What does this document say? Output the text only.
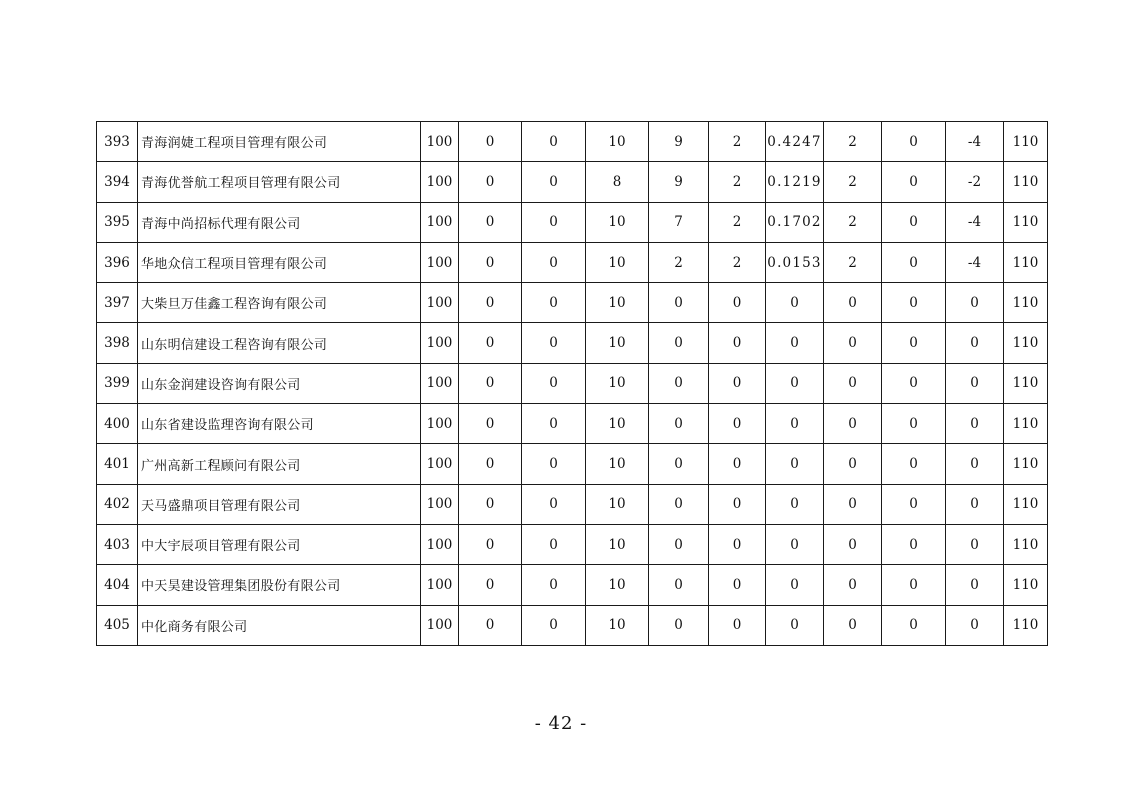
393	青海润婕工程项目管理有限公司	100	0	0	10	9	2	0.4247	2	0	-4	110
394	青海优誉航工程项目管理有限公司	100	0	0	8	9	2	0.1219	2	0	-2	110
395	青海中尚招标代理有限公司	100	0	0	10	7	2	0.1702	2	0	-4	110
396	华地众信工程项目管理有限公司	100	0	0	10	2	2	0.0153	2	0	-4	110
397	大柴旦万佳鑫工程咨询有限公司	100	0	0	10	0	0	0	0	0	0	110
398	山东明信建设工程咨询有限公司	100	0	0	10	0	0	0	0	0	0	110
399	山东金润建设咨询有限公司	100	0	0	10	0	0	0	0	0	0	110
400	山东省建设监理咨询有限公司	100	0	0	10	0	0	0	0	0	0	110
401	广州高新工程顾问有限公司	100	0	0	10	0	0	0	0	0	0	110
402	天马盛鼎项目管理有限公司	100	0	0	10	0	0	0	0	0	0	110
403	中大宇辰项目管理有限公司	100	0	0	10	0	0	0	0	0	0	110
404	中天昊建设管理集团股份有限公司	100	0	0	10	0	0	0	0	0	0	110
405	中化商务有限公司	100	0	0	10	0	0	0	0	0	0	110
- 42 -
